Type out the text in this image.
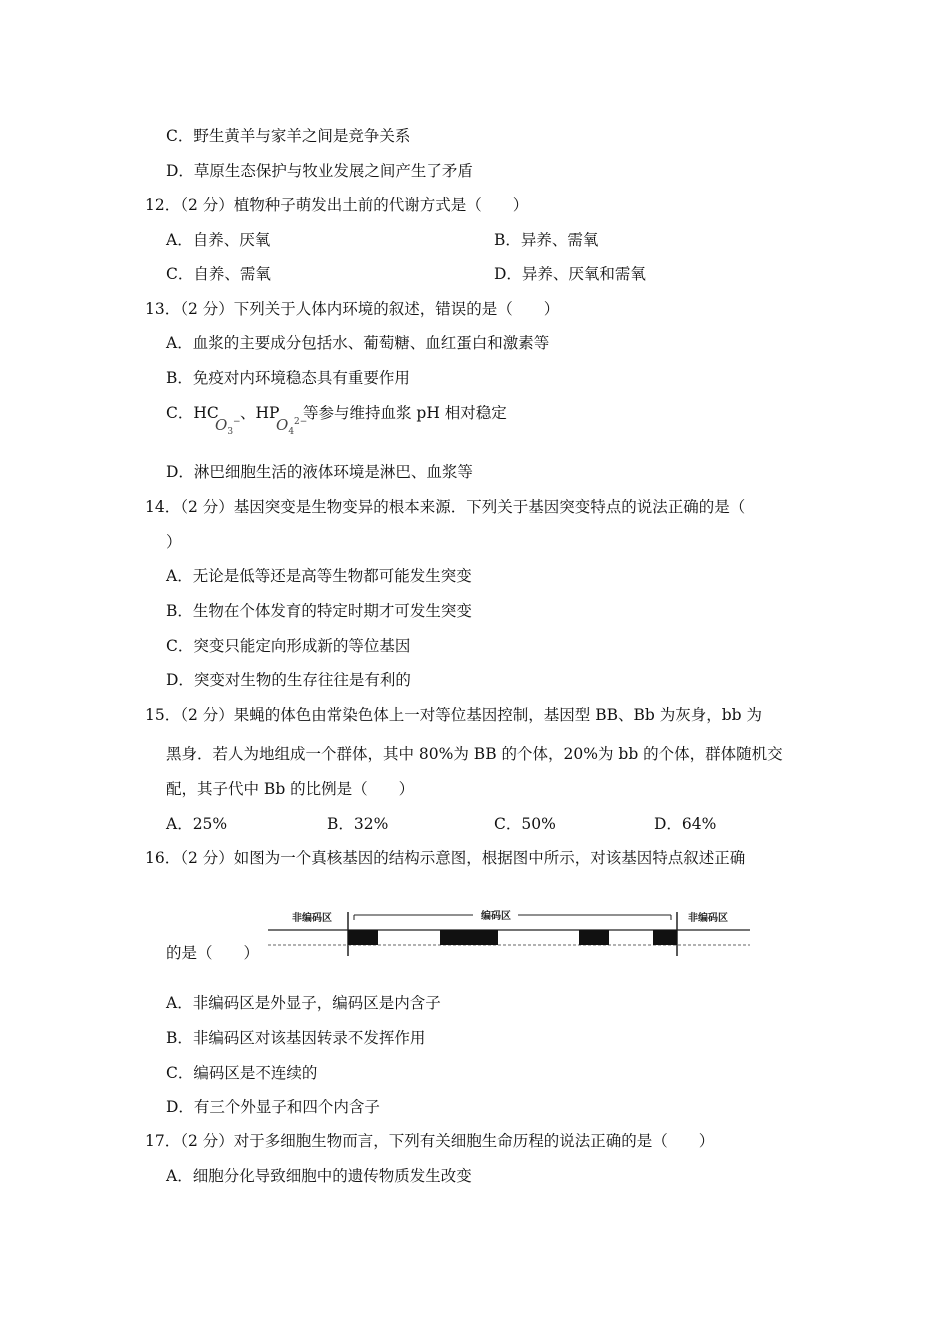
C．野生黄羊与家羊之间是竞争关系
D．草原生态保护与牧业发展之间产生了矛盾
12．（2 分）植物种子萌发出土前的代谢方式是（　　）
A．自养、厌氧	B．异养、需氧
C．自养、需氧	D．异养、厌氧和需氧
13．（2 分）下列关于人体内环境的叙述，错误的是（　　）
A．血浆的主要成分包括水、葡萄糖、血红蛋白和激素等
B．免疫对内环境稳态具有重要作用
C．HC 、HP 等参与维持血浆 pH 相对稳定
$O_3^-$ $O_4^{2-}$
D．淋巴细胞生活的液体环境是淋巴、血浆等
14．（2 分）基因突变是生物变异的根本来源．下列关于基因突变特点的说法正确的是（
）
A．无论是低等还是高等生物都可能发生突变
B．生物在个体发育的特定时期才可发生突变
C．突变只能定向形成新的等位基因
D．突变对生物的生存往往是有利的
15．（2 分）果蝇的体色由常染色体上一对等位基因控制，基因型 BB、Bb 为灰身，bb 为
黑身．若人为地组成一个群体，其中 80%为 BB 的个体，20%为 bb 的个体，群体随机交
配，其子代中 Bb 的比例是（　　）
A．25%	B．32%	C．50%	D．64%
16．（2 分）如图为一个真核基因的结构示意图，根据图中所示，对该基因特点叙述正确
非编码区	编码区	非编码区
的是（　　）
A．非编码区是外显子，编码区是内含子
B．非编码区对该基因转录不发挥作用
C．编码区是不连续的
D．有三个外显子和四个内含子
17．（2 分）对于多细胞生物而言，下列有关细胞生命历程的说法正确的是（　　）
A．细胞分化导致细胞中的遗传物质发生改变
